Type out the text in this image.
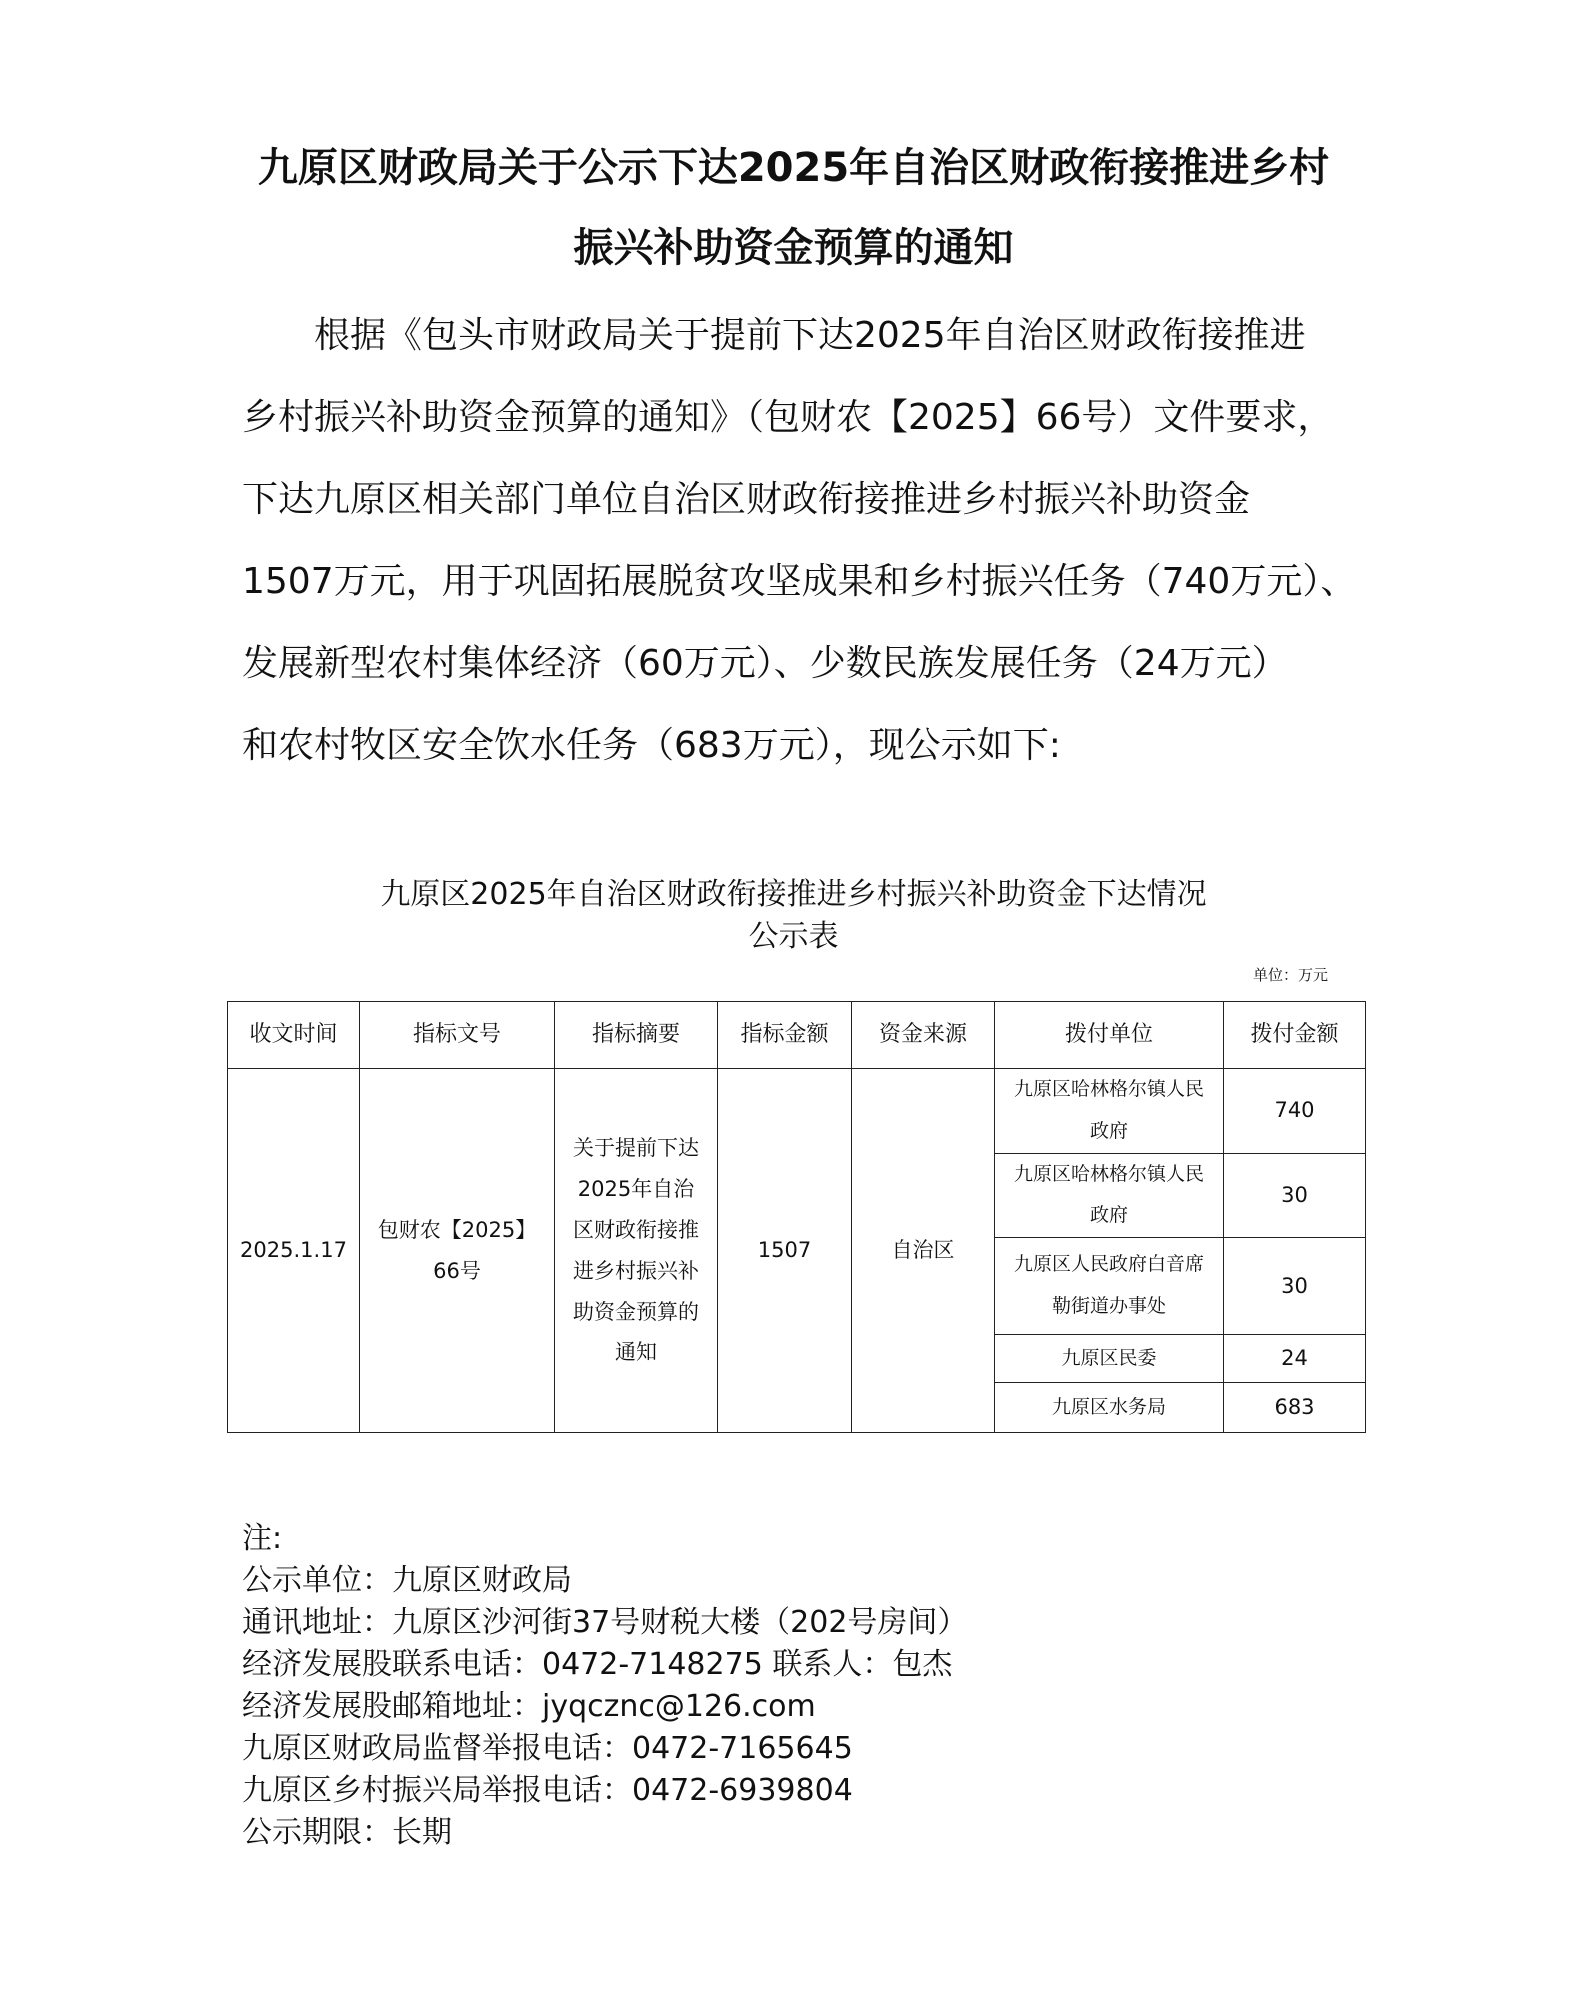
九原区财政局关于公示下达2025年自治区财政衔接推进乡村
振兴补助资金预算的通知

根据《包头市财政局关于提前下达2025年自治区财政衔接推进

乡村振兴补助资金预算的通知》（包财农【2025】66号）文件要求，

下达九原区相关部门单位自治区财政衔接推进乡村振兴补助资金

1507万元，用于巩固拓展脱贫攻坚成果和乡村振兴任务（740万元）、

发展新型农村集体经济（60万元）、少数民族发展任务（24万元）

和农村牧区安全饮水任务（683万元），现公示如下:

九原区2025年自治区财政衔接推进乡村振兴补助资金下达情况

公示表

单位：万元
收文时间	指标文号	指标摘要	指标金额	资金来源	拨付单位	拨付金额
2025.1.17	包财农【2025】66号	关于提前下达2025年自治区财政衔接推进乡村振兴补助资金预算的通知	1507	自治区	九原区哈林格尔镇人民政府	740
					九原区哈林格尔镇人民政府	30
					九原区人民政府白音席勒街道办事处	30
					九原区民委	24
					九原区水务局	683

注:

公示单位：九原区财政局

通讯地址：九原区沙河街37号财税大楼（202号房间）

经济发展股联系电话：0472-7148275 联系人：包杰

经济发展股邮箱地址：jyqcznc@126.com

九原区财政局监督举报电话：0472-7165645

九原区乡村振兴局举报电话：0472-6939804

公示期限：长期
